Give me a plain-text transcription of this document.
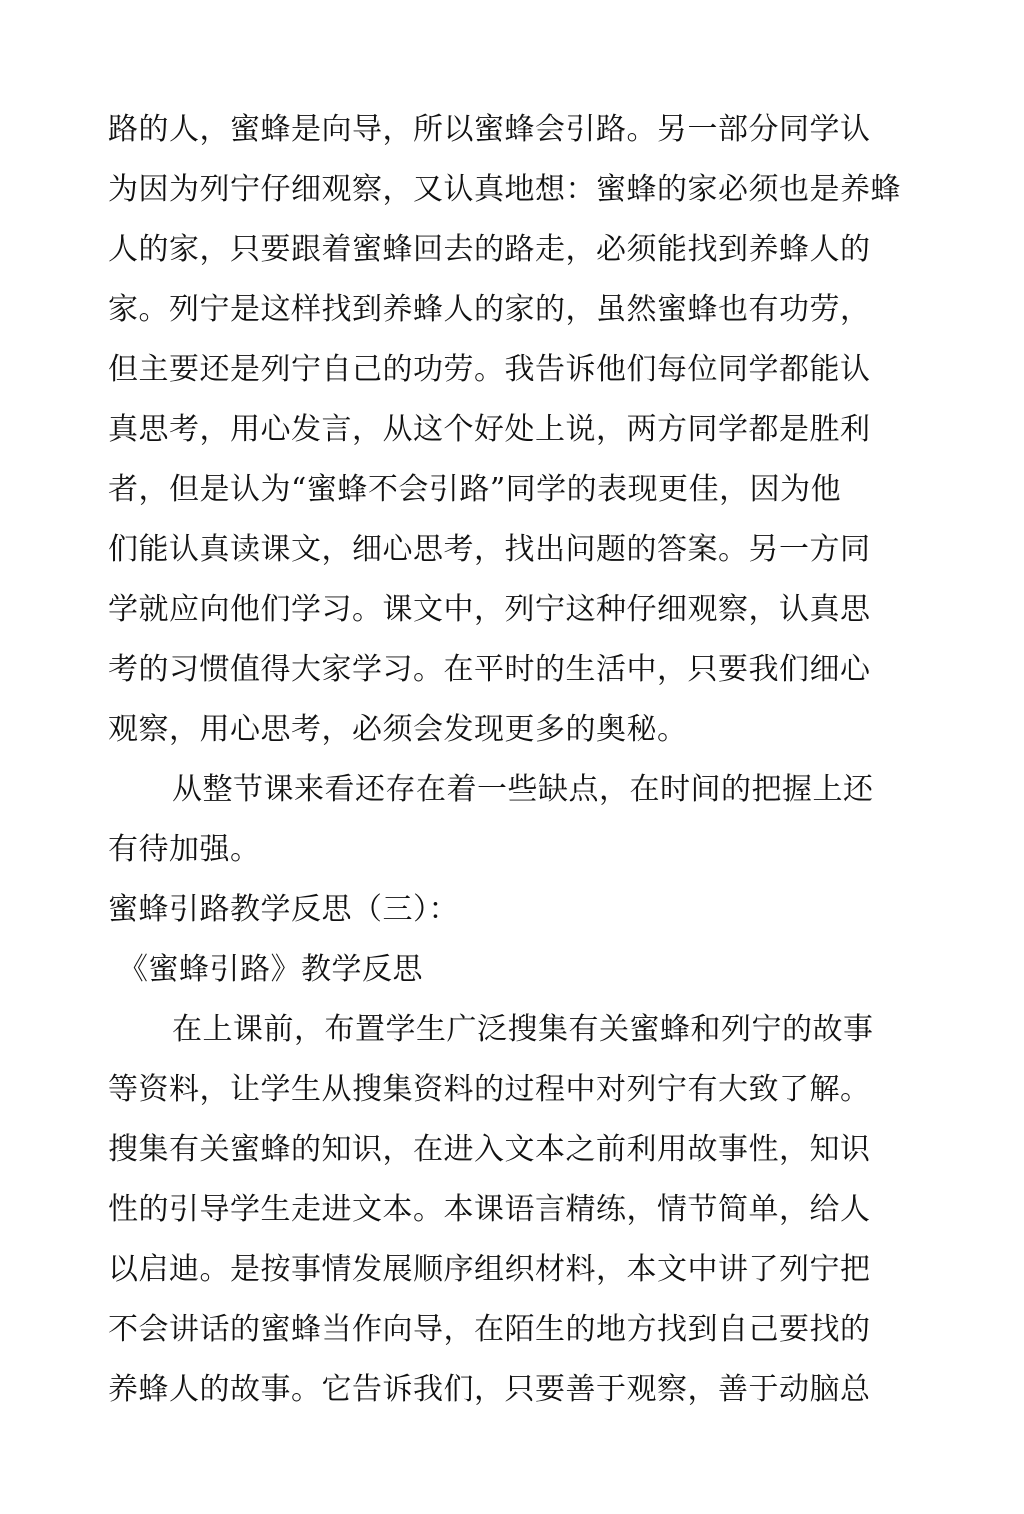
路的人，蜜蜂是向导，所以蜜蜂会引路。另一部分同学认
为因为列宁仔细观察，又认真地想：蜜蜂的家必须也是养蜂
人的家，只要跟着蜜蜂回去的路走，必须能找到养蜂人的
家。列宁是这样找到养蜂人的家的，虽然蜜蜂也有功劳，
但主要还是列宁自己的功劳。我告诉他们每位同学都能认
真思考，用心发言，从这个好处上说，两方同学都是胜利
者，但是认为“蜜蜂不会引路”同学的表现更佳，因为他
们能认真读课文，细心思考，找出问题的答案。另一方同
学就应向他们学习。课文中，列宁这种仔细观察，认真思
考的习惯值得大家学习。在平时的生活中，只要我们细心
观察，用心思考，必须会发现更多的奥秘。
从整节课来看还存在着一些缺点，在时间的把握上还
有待加强。
蜜蜂引路教学反思（三）：
《蜜蜂引路》教学反思
在上课前，布置学生广泛搜集有关蜜蜂和列宁的故事
等资料，让学生从搜集资料的过程中对列宁有大致了解。
搜集有关蜜蜂的知识，在进入文本之前利用故事性，知识
性的引导学生走进文本。本课语言精练，情节简单，给人
以启迪。是按事情发展顺序组织材料，本文中讲了列宁把
不会讲话的蜜蜂当作向导，在陌生的地方找到自己要找的
养蜂人的故事。它告诉我们，只要善于观察，善于动脑总
